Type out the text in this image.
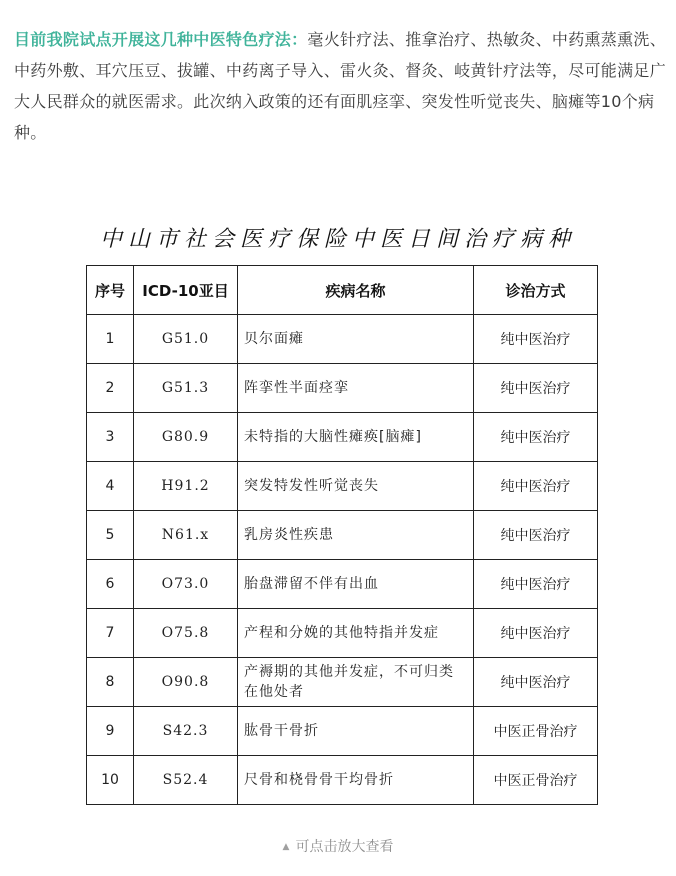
目前我院试点开展这几种中医特色疗法：毫火针疗法、推拿治疗、热敏灸、中药熏蒸熏洗、中药外敷、耳穴压豆、拔罐、中药离子导入、雷火灸、督灸、岐黄针疗法等，尽可能满足广大人民群众的就医需求。此次纳入政策的还有面肌痉挛、突发性听觉丧失、脑瘫等10个病种。
中山市社会医疗保险中医日间治疗病种
序号	ICD-10亚目	疾病名称	诊治方式
1	G51.0	贝尔面瘫	纯中医治疗
2	G51.3	阵挛性半面痉挛	纯中医治疗
3	G80.9	未特指的大脑性瘫痪[脑瘫]	纯中医治疗
4	H91.2	突发特发性听觉丧失	纯中医治疗
5	N61.x	乳房炎性疾患	纯中医治疗
6	O73.0	胎盘滞留不伴有出血	纯中医治疗
7	O75.8	产程和分娩的其他特指并发症	纯中医治疗
8	O90.8	产褥期的其他并发症，不可归类在他处者	纯中医治疗
9	S42.3	肱骨干骨折	中医正骨治疗
10	S52.4	尺骨和桡骨骨干均骨折	中医正骨治疗
▲ 可点击放大查看
